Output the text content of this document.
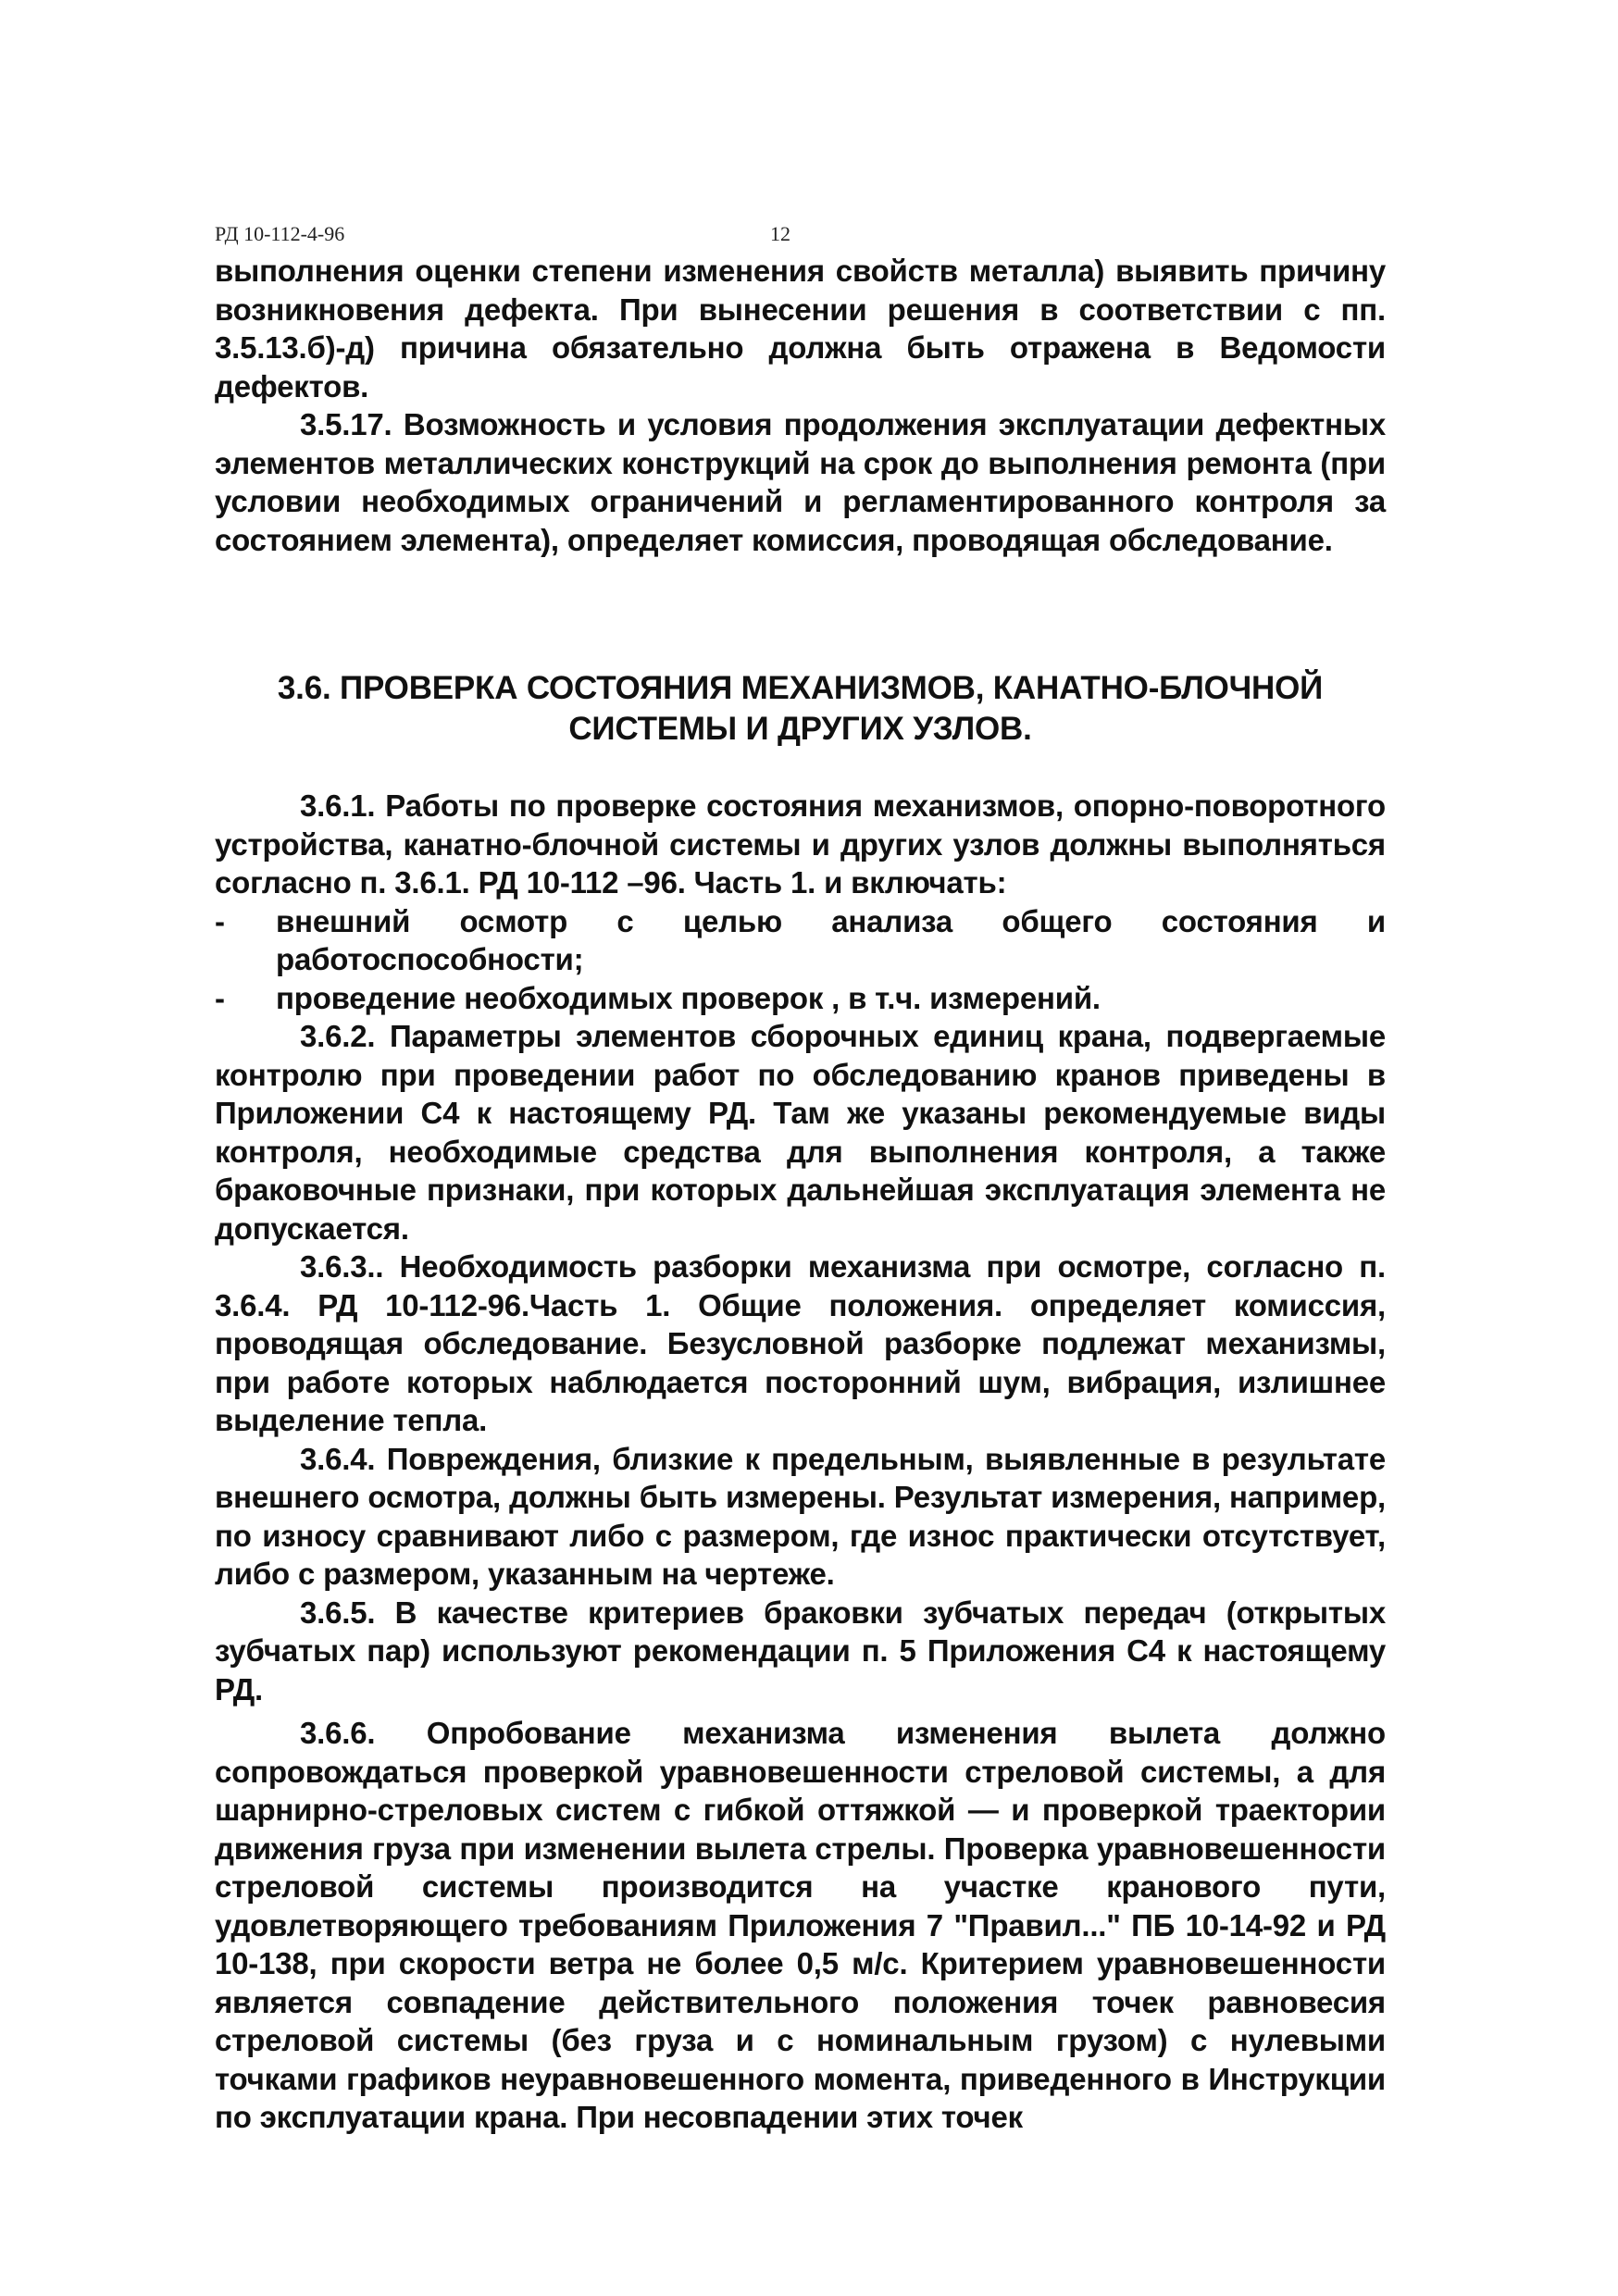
РД 10-112-4-96	12

выполнения оценки степени изменения свойств металла) выявить причину возникновения дефекта. При вынесении решения в соответствии с пп. 3.5.13.б)-д) причина обязательно должна быть отражена в Ведомости дефектов.

3.5.17. Возможность и условия продолжения эксплуатации дефектных элементов металлических конструкций на срок до выполнения ремонта (при условии необходимых ограничений и регламентированного контроля за состоянием элемента), определяет комиссия, проводящая обследование.

3.6. ПРОВЕРКА СОСТОЯНИЯ МЕХАНИЗМОВ, КАНАТНО-БЛОЧНОЙ
СИСТЕМЫ И ДРУГИХ УЗЛОВ.

3.6.1. Работы по проверке состояния механизмов, опорно-поворотного устройства, канатно-блочной системы и других узлов должны выполняться согласно п. 3.6.1. РД 10-112 –96. Часть 1. и включать:

- внешний осмотр с целью анализа общего состояния и работоспособности;
- проведение необходимых проверок , в т.ч. измерений.

3.6.2. Параметры элементов сборочных единиц крана, подвергаемые контролю при проведении работ по обследованию кранов приведены в Приложении С4 к настоящему РД. Там же указаны рекомендуемые виды контроля, необходимые средства для выполнения контроля, а также браковочные признаки, при которых дальнейшая эксплуатация элемента не допускается.

3.6.3.. Необходимость разборки механизма при осмотре, согласно п. 3.6.4. РД 10-112-96.Часть 1. Общие положения. определяет комиссия, проводящая обследование. Безусловной разборке подлежат механизмы, при работе которых наблюдается посторонний шум, вибрация, излишнее выделение тепла.

3.6.4. Повреждения, близкие к предельным, выявленные в результате внешнего осмотра, должны быть измерены. Результат измерения, например, по износу сравнивают либо с размером, где износ практически отсутствует, либо с размером, указанным на чертеже.

3.6.5. В качестве критериев браковки зубчатых передач (открытых зубчатых пар) используют рекомендации п. 5 Приложения С4 к настоящему РД.

3.6.6. Опробование механизма изменения вылета должно сопровождаться проверкой уравновешенности стреловой системы, а для шарнирно-стреловых систем с гибкой оттяжкой — и проверкой траектории движения груза при изменении вылета стрелы. Проверка уравновешенности стреловой системы производится на участке кранового пути, удовлетворяющего требованиям Приложения 7 "Правил..." ПБ 10-14-92 и РД 10-138, при скорости ветра не более 0,5 м/с. Критерием уравновешенности является совпадение действительного положения точек равновесия стреловой системы (без груза и с номинальным грузом) с нулевыми точками графиков неуравновешенного момента, приведенного в Инструкции по эксплуатации крана. При несовпадении этих точек
